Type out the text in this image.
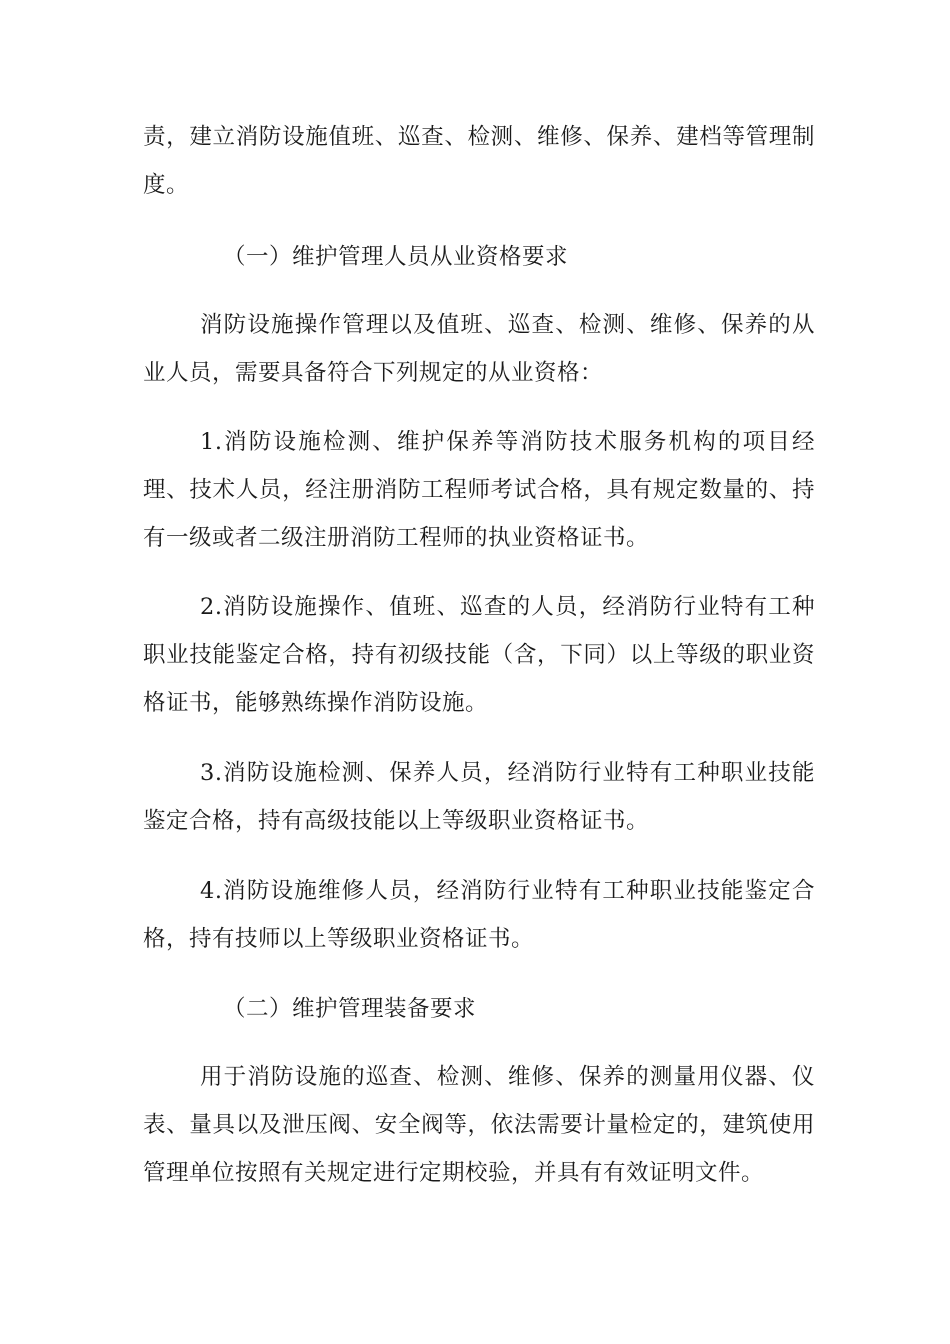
责，建立消防设施值班、巡查、检测、维修、保养、建档等管理制度。

（一）维护管理人员从业资格要求

消防设施操作管理以及值班、巡查、检测、维修、保养的从业人员，需要具备符合下列规定的从业资格：

1.消防设施检测、维护保养等消防技术服务机构的项目经理、技术人员，经注册消防工程师考试合格，具有规定数量的、持有一级或者二级注册消防工程师的执业资格证书。

2.消防设施操作、值班、巡查的人员，经消防行业特有工种职业技能鉴定合格，持有初级技能（含，下同）以上等级的职业资格证书，能够熟练操作消防设施。

3.消防设施检测、保养人员，经消防行业特有工种职业技能鉴定合格，持有高级技能以上等级职业资格证书。

4.消防设施维修人员，经消防行业特有工种职业技能鉴定合格，持有技师以上等级职业资格证书。

（二）维护管理装备要求

用于消防设施的巡查、检测、维修、保养的测量用仪器、仪表、量具以及泄压阀、安全阀等，依法需要计量检定的，建筑使用管理单位按照有关规定进行定期校验，并具有有效证明文件。
